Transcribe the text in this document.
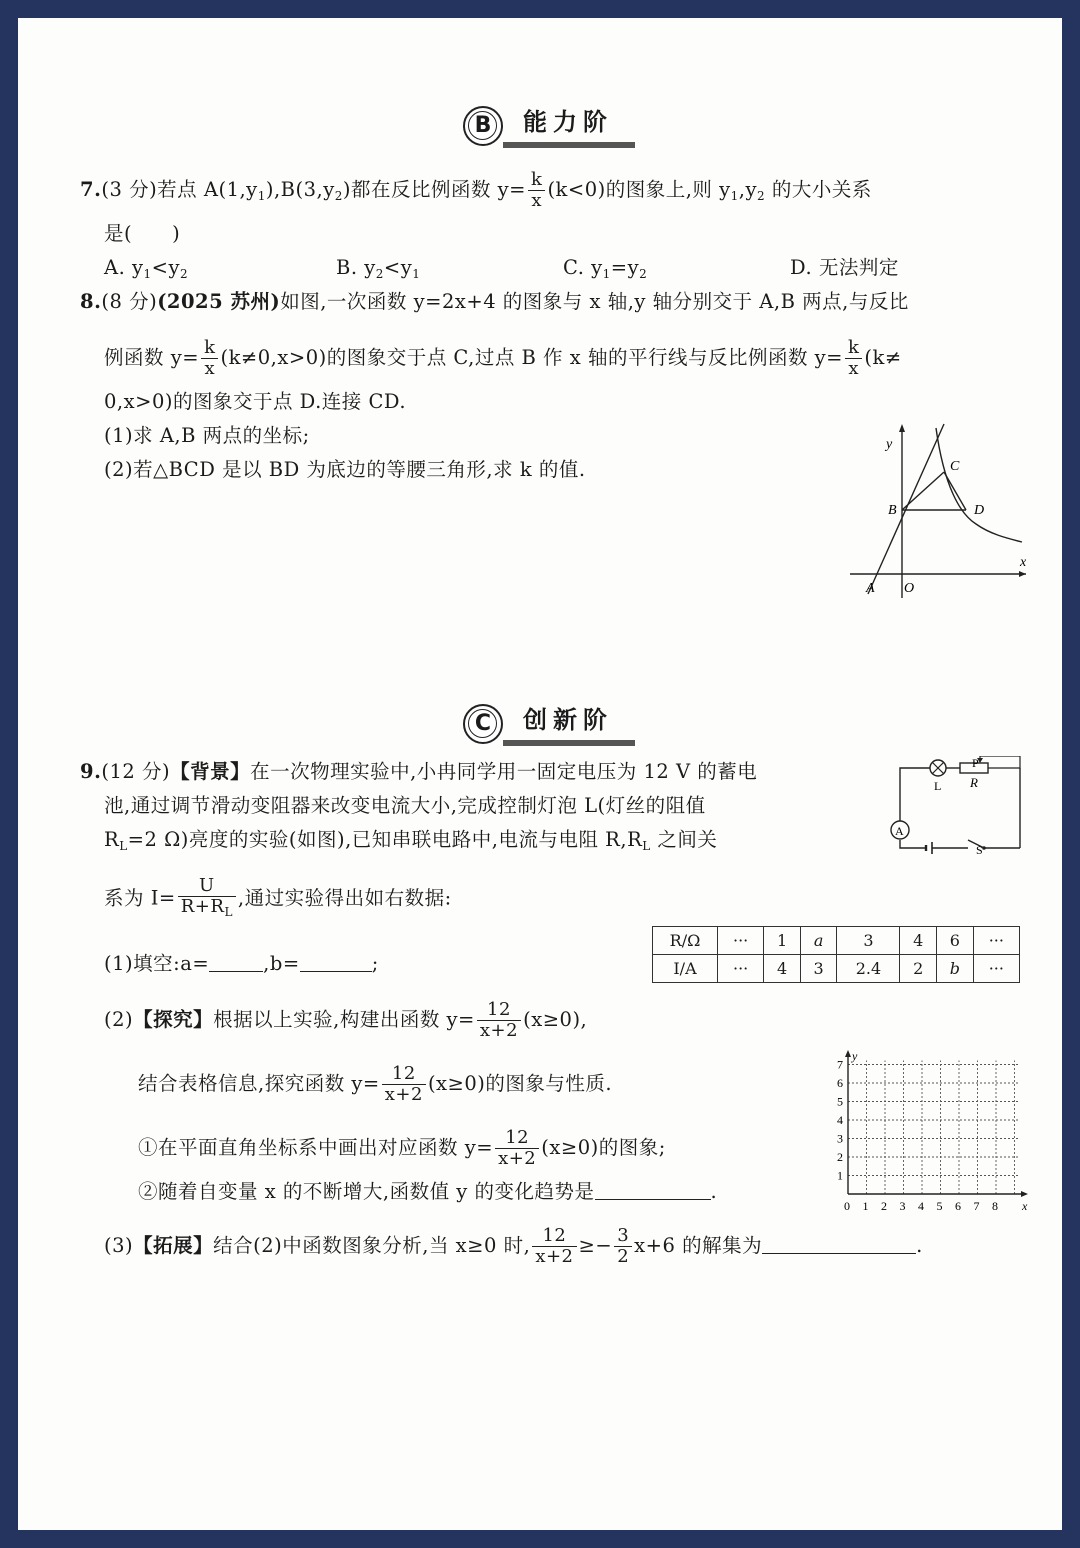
B	能力阶
7.(3 分)若点 $A(1,y_1),B(3,y_2)$都在反比例函数 $y= \frac{k}{x} (k<0)$的图象上,则 $y_1,y_2$ 的大小关系
是(　　)
A. $y_1<y_2$	B. $y_2<y_1$	C. $y_1=y_2$	D. 无法判定
8.(8 分)(2025 苏州)如图,一次函数 y=2x+4 的图象与 x 轴,y 轴分别交于 A,B 两点,与反比
例函数 $y= \frac{k}{x} (k\ne 0,x>0)$的图象交于点 C,过点 B 作 x 轴的平行线与反比例函数 $y= \frac{k}{x} (k\ne$
0,x>0)的图象交于点 D.连接 CD.
(1)求 A,B 两点的坐标;
(2)若△BCD 是以 BD 为底边的等腰三角形,求 k 的值.
y
x
O
A
B
C
D
C	创新阶
9.(12 分)【背景】在一次物理实验中,小冉同学用一固定电压为 12 V 的蓄电
池,通过调节滑动变阻器来改变电流大小,完成控制灯泡 L(灯丝的阻值
$R_L=2$ Ω)亮度的实验(如图),已知串联电路中,电流与电阻 $R,R_L$ 之间关
系为 $I= \frac{U}{R+R_L}$ ,通过实验得出如右数据:
A
P
L R
S
R/Ω	···	1	a	3	4	6	···
I/A	···	4	3	2.4	2	b	···
(1)填空:a=	,b=	;
(2)【探究】根据以上实验,构建出函数 $y= \frac{12}{x+2} (x\ge 0)$,
结合表格信息,探究函数 $y= \frac{12}{x+2} (x\ge 0)$的图象与性质.
①在平面直角坐标系中画出对应函数 $y= \frac{12}{x+2} (x\ge 0)$的图象;
②随着自变量 x 的不断增大,函数值 y 的变化趋势是	.
y
x
7
6
5
4
3
2
1
0 1 2 3 4 5 6 7 8
(3)【拓展】结合(2)中函数图象分析,当 x≥0 时, $\frac{12}{x+2} \ge- \frac{3}{2} x+6$ 的解集为	.
